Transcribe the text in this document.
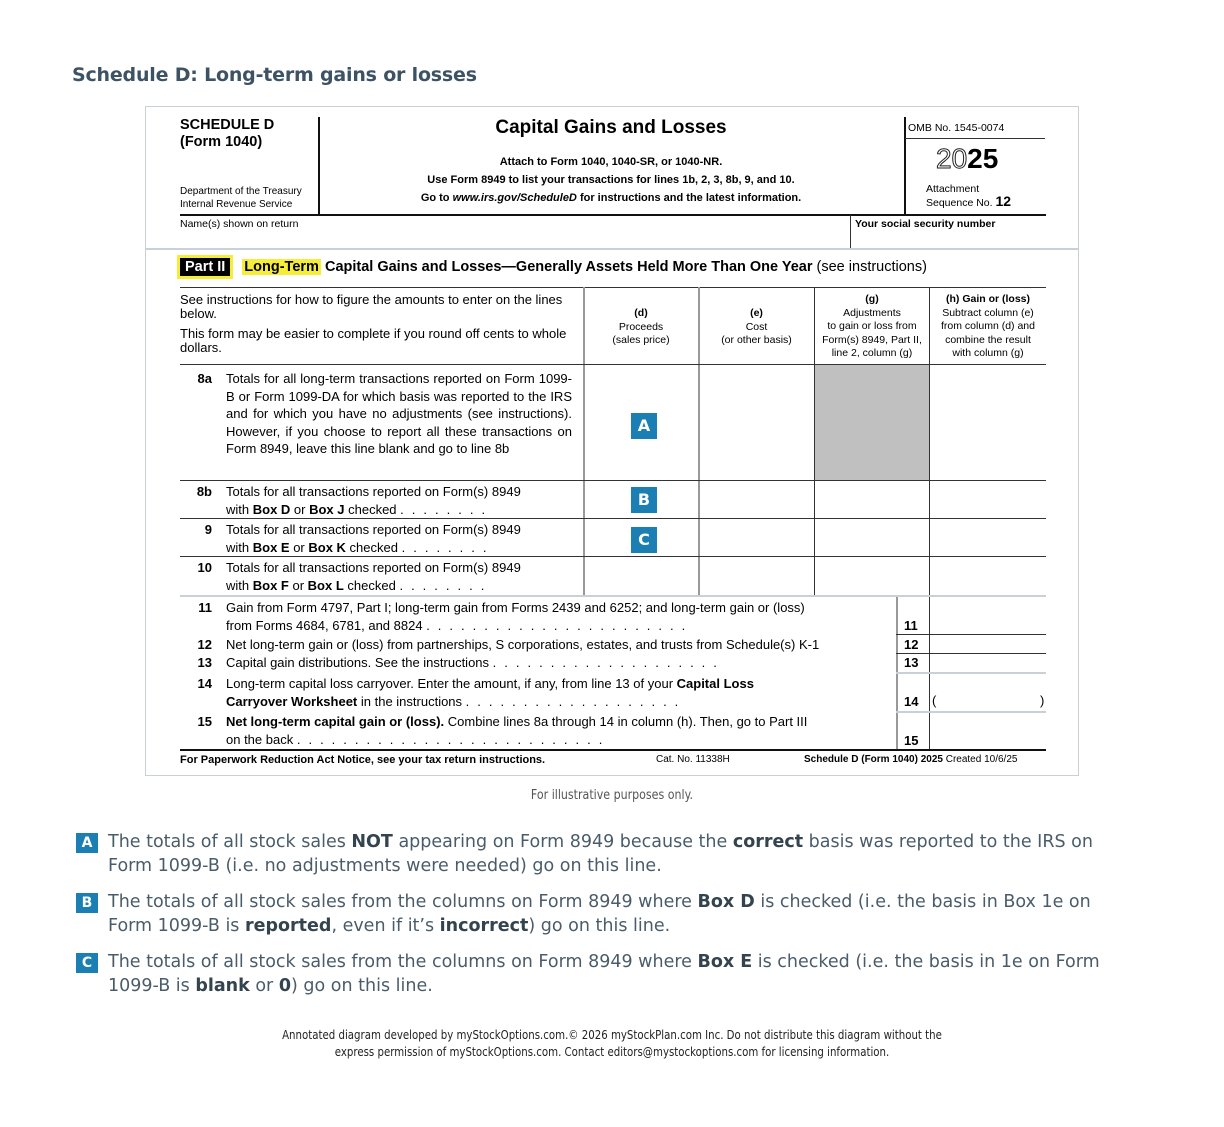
Schedule D: Long-term gains or losses
SCHEDULE D
(Form 1040)
Department of the Treasury
Internal Revenue Service
Capital Gains and Losses
Attach to Form 1040, 1040-SR, or 1040-NR.
Use Form 8949 to list your transactions for lines 1b, 2, 3, 8b, 9, and 10.
Go to www.irs.gov/ScheduleD for instructions and the latest information.
OMB No. 1545-0074
2025
Attachment
Sequence No. 12
Name(s) shown on return	Your social security number
Part II Long-Term Capital Gains and Losses—Generally Assets Held More Than One Year (see instructions)
See instructions for how to figure the amounts to enter on the lines below.
This form may be easier to complete if you round off cents to whole dollars.
(d)
Proceeds
(sales price)
(e)
Cost
(or other basis)
(g)
Adjustments
to gain or loss from
Form(s) 8949, Part II,
line 2, column (g)
(h) Gain or (loss)
Subtract column (e)
from column (d) and
combine the result
with column (g)
8a Totals for all long-term transactions reported on Form 1099-B or Form 1099-DA for which basis was reported to the IRS and for which you have no adjustments (see instructions). However, if you choose to report all these transactions on Form 8949, leave this line blank and go to line 8b
A
8b Totals for all transactions reported on Form(s) 8949
with Box D or Box J checked ........	B
9 Totals for all transactions reported on Form(s) 8949
with Box E or Box K checked ........	C
10 Totals for all transactions reported on Form(s) 8949
with Box F or Box L checked ........
11 Gain from Form 4797, Part I; long-term gain from Forms 2439 and 6252; and long-term gain or (loss)
from Forms 4684, 6781, and 8824 .......................	11
12 Net long-term gain or (loss) from partnerships, S corporations, estates, and trusts from Schedule(s) K-1	12
13 Capital gain distributions. See the instructions ....................	13
14 Long-term capital loss carryover. Enter the amount, if any, from line 13 of your Capital Loss
Carryover Worksheet in the instructions ...................	14 (	)
15 Net long-term capital gain or (loss). Combine lines 8a through 14 in column (h). Then, go to Part III
on the back ...........................	15
For Paperwork Reduction Act Notice, see your tax return instructions.	Cat. No. 11338H	Schedule D (Form 1040) 2025 Created 10/6/25
For illustrative purposes only.
A The totals of all stock sales NOT appearing on Form 8949 because the correct basis was reported to the IRS on Form 1099-B (i.e. no adjustments were needed) go on this line.
B The totals of all stock sales from the columns on Form 8949 where Box D is checked (i.e. the basis in Box 1e on Form 1099-B is reported, even if it’s incorrect) go on this line.
C The totals of all stock sales from the columns on Form 8949 where Box E is checked (i.e. the basis in 1e on Form 1099-B is blank or 0) go on this line.
Annotated diagram developed by myStockOptions.com.© 2026 myStockPlan.com Inc. Do not distribute this diagram without the
express permission of myStockOptions.com. Contact editors@mystockoptions.com for licensing information.
